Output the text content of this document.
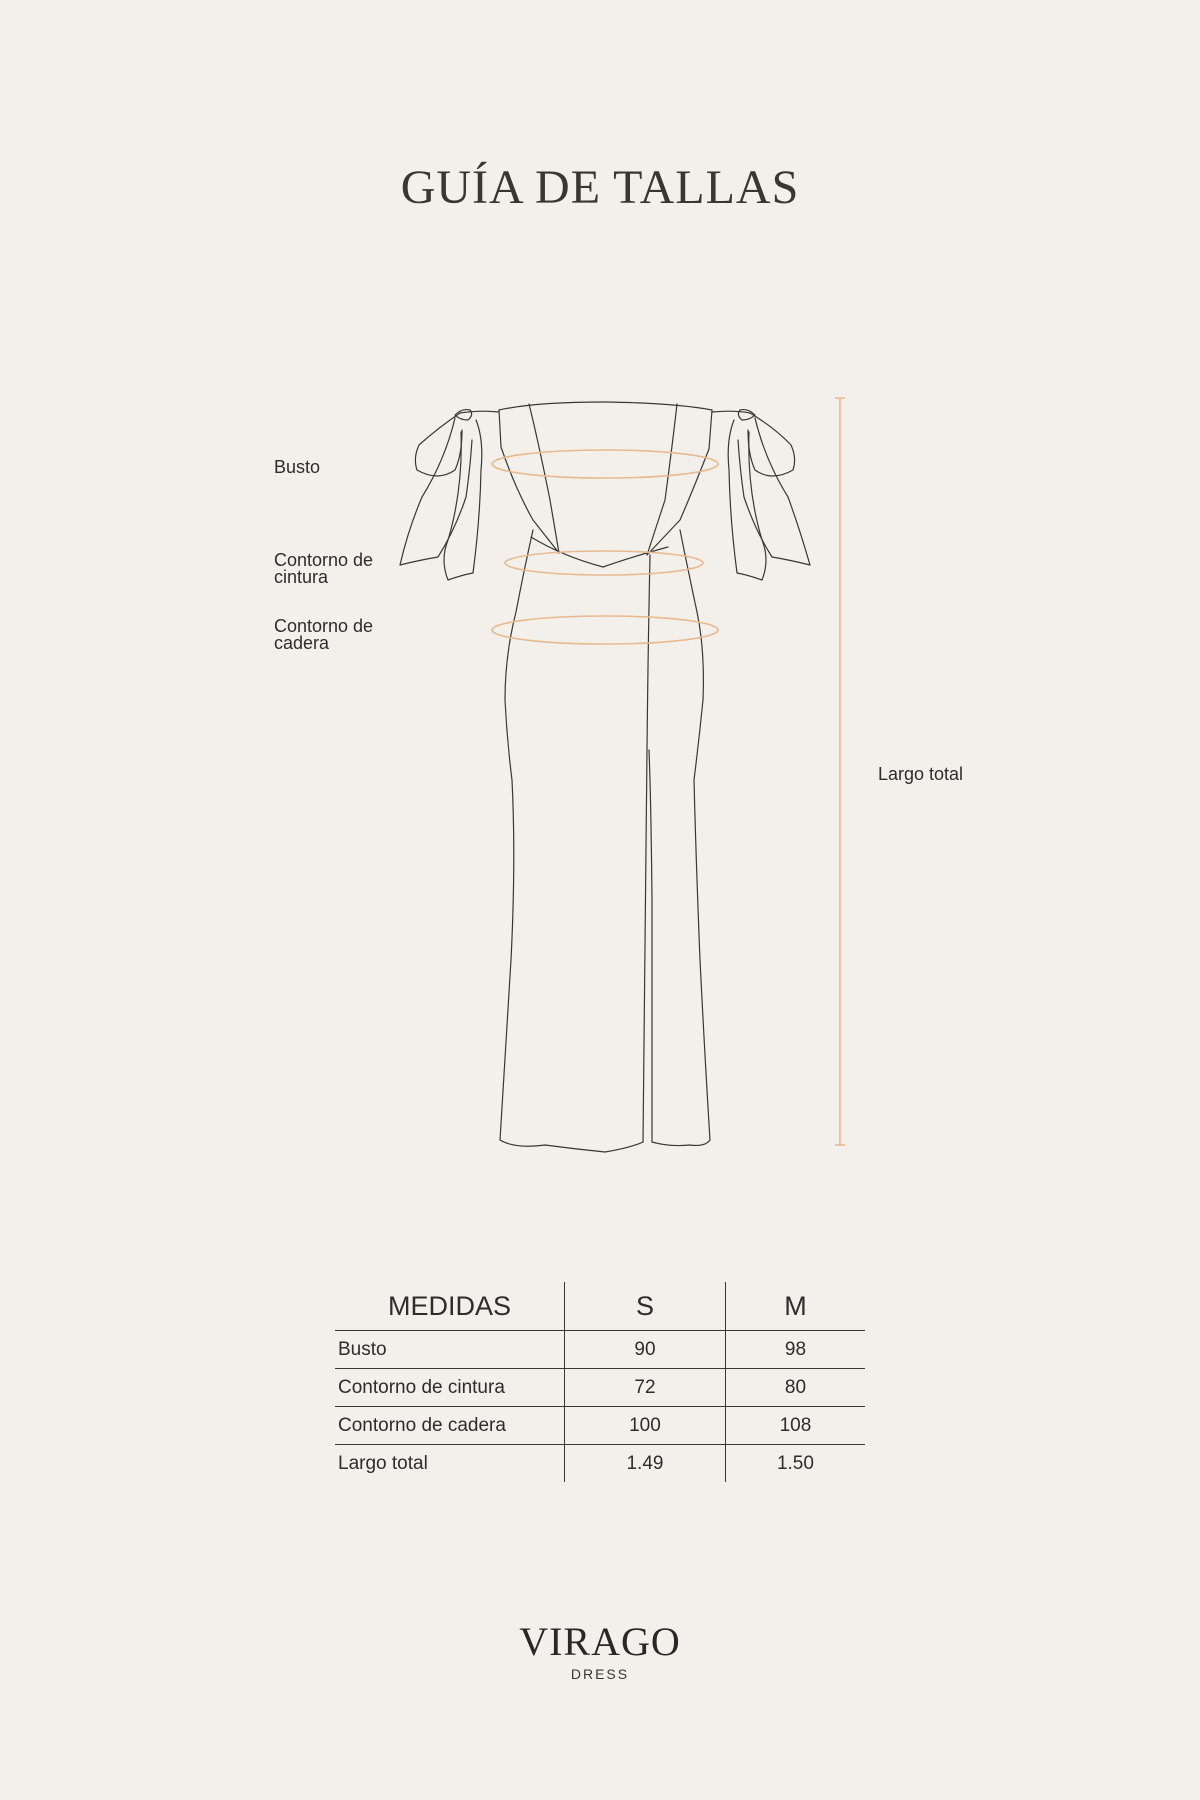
GUÍA DE TALLAS
Busto
Contorno de
cintura
Contorno de
cadera
Largo total
MEDIDAS	S	M
Busto	90	98
Contorno de cintura	72	80
Contorno de cadera	100	108
Largo total	1.49	1.50
VIRAGO
DRESS
